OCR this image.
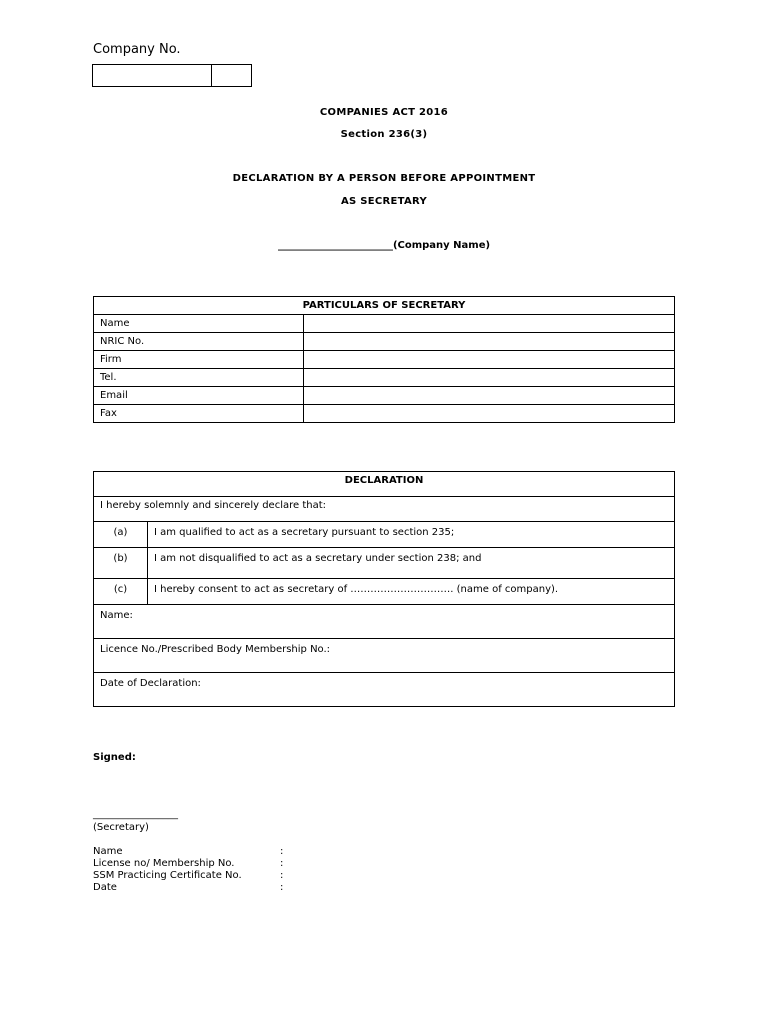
Company No.
COMPANIES ACT 2016
Section 236(3)
DECLARATION BY A PERSON BEFORE APPOINTMENT
AS SECRETARY
_______________________(Company Name)
PARTICULARS OF SECRETARY	
Name	
NRIC No.	
Firm	
Tel.	
Email	
Fax	
DECLARATION	
I hereby solemnly and sincerely declare that:	
(a)	I am qualified to act as a secretary pursuant to section 235;
(b)	I am not disqualified to act as a secretary under section 238; and
(c)	I hereby consent to act as secretary of …………………………. (name of company).
Name:	
Licence No./Prescribed Body Membership No.:	
Date of Declaration:	
Signed:
_________________
(Secretary)
Name	:
License no/ Membership No.	:
SSM Practicing Certificate No.	:
Date	:
